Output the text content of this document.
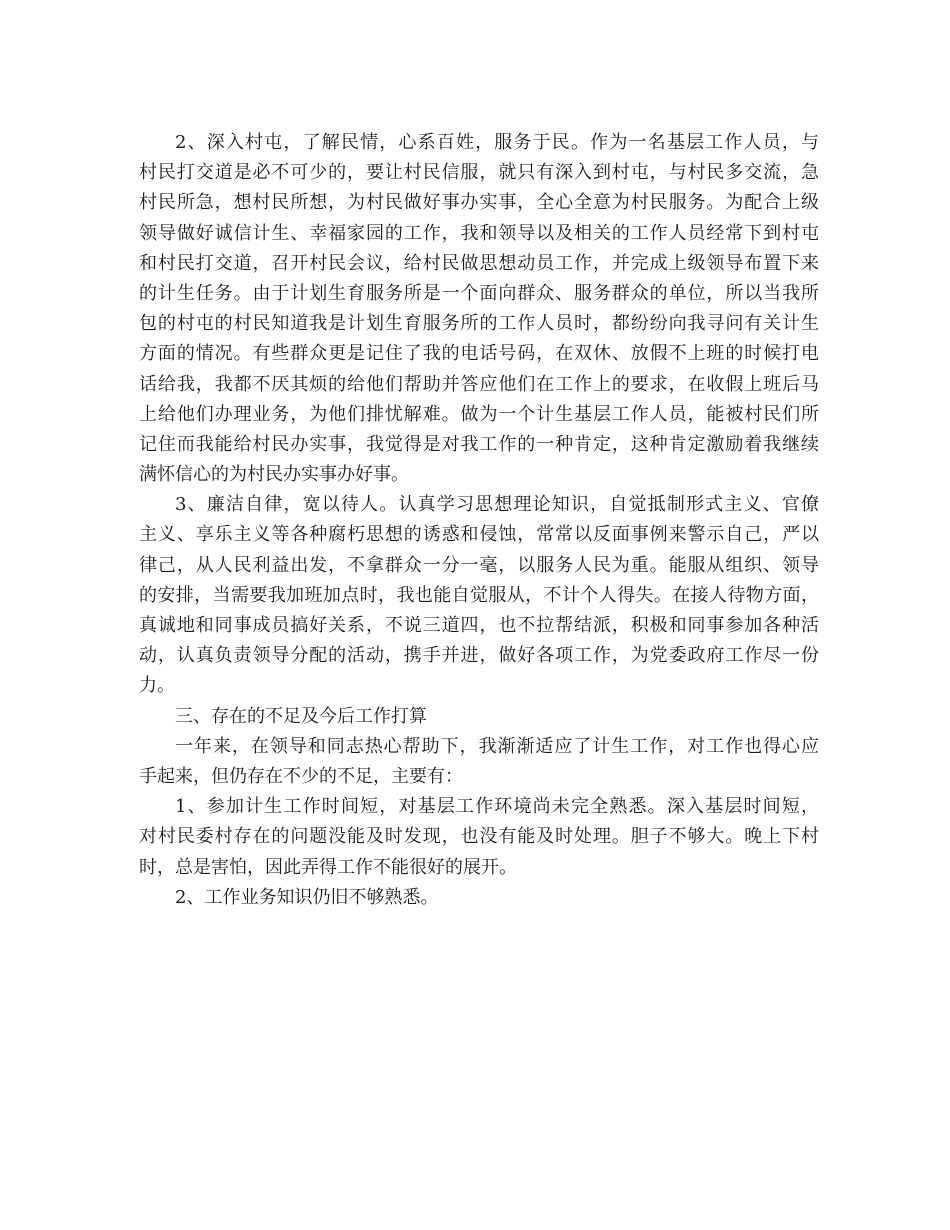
2、深入村屯，了解民情，心系百姓，服务于民。作为一名基层工作人员，与
村民打交道是必不可少的，要让村民信服，就只有深入到村屯，与村民多交流，急
村民所急，想村民所想，为村民做好事办实事，全心全意为村民服务。为配合上级
领导做好诚信计生、幸福家园的工作，我和领导以及相关的工作人员经常下到村屯
和村民打交道，召开村民会议，给村民做思想动员工作，并完成上级领导布置下来
的计生任务。由于计划生育服务所是一个面向群众、服务群众的单位，所以当我所
包的村屯的村民知道我是计划生育服务所的工作人员时，都纷纷向我寻问有关计生
方面的情况。有些群众更是记住了我的电话号码，在双休、放假不上班的时候打电
话给我，我都不厌其烦的给他们帮助并答应他们在工作上的要求，在收假上班后马
上给他们办理业务，为他们排忧解难。做为一个计生基层工作人员，能被村民们所
记住而我能给村民办实事，我觉得是对我工作的一种肯定，这种肯定激励着我继续
满怀信心的为村民办实事办好事。
3、廉洁自律，宽以待人。认真学习思想理论知识，自觉抵制形式主义、官僚
主义、享乐主义等各种腐朽思想的诱惑和侵蚀，常常以反面事例来警示自己，严以
律己，从人民利益出发，不拿群众一分一毫，以服务人民为重。能服从组织、领导
的安排，当需要我加班加点时，我也能自觉服从，不计个人得失。在接人待物方面，
真诚地和同事成员搞好关系，不说三道四，也不拉帮结派，积极和同事参加各种活
动，认真负责领导分配的活动，携手并进，做好各项工作，为党委政府工作尽一份
力。
三、存在的不足及今后工作打算
一年来，在领导和同志热心帮助下，我渐渐适应了计生工作，对工作也得心应
手起来，但仍存在不少的不足，主要有：
1、参加计生工作时间短，对基层工作环境尚未完全熟悉。深入基层时间短，
对村民委村存在的问题没能及时发现，也没有能及时处理。胆子不够大。晚上下村
时，总是害怕，因此弄得工作不能很好的展开。
2、工作业务知识仍旧不够熟悉。
